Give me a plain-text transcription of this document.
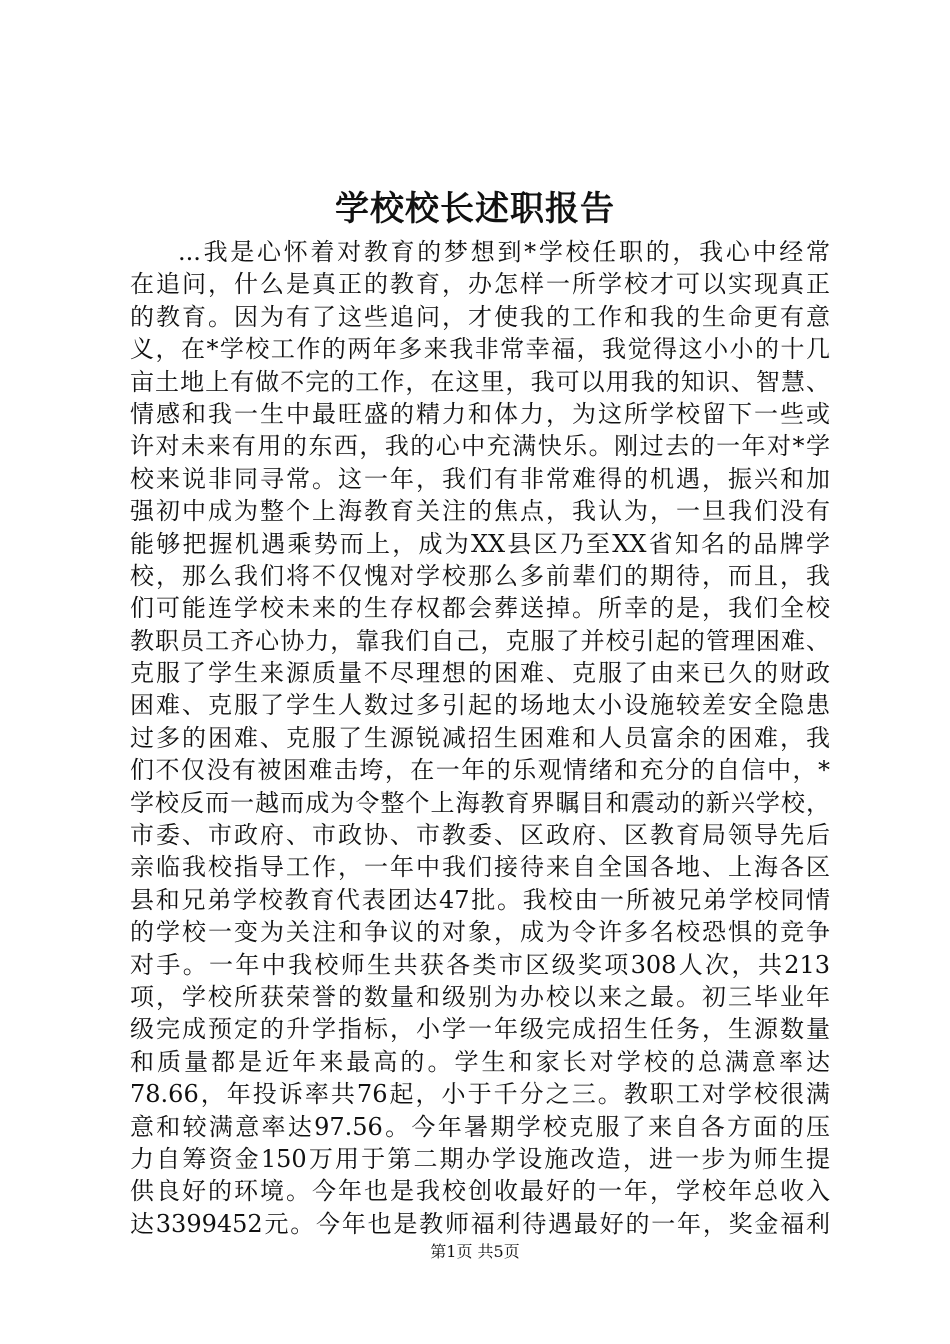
学校校长述职报告
...我是心怀着对教育的梦想到*学校任职的，我心中经常
在追问，什么是真正的教育，办怎样一所学校才可以实现真正
的教育。因为有了这些追问，才使我的工作和我的生命更有意
义，在*学校工作的两年多来我非常幸福，我觉得这小小的十几
亩土地上有做不完的工作，在这里，我可以用我的知识、智慧、
情感和我一生中最旺盛的精力和体力，为这所学校留下一些或
许对未来有用的东西，我的心中充满快乐。刚过去的一年对*学
校来说非同寻常。这一年，我们有非常难得的机遇，振兴和加
强初中成为整个上海教育关注的焦点，我认为，一旦我们没有
能够把握机遇乘势而上，成为XX县区乃至XX省知名的品牌学
校，那么我们将不仅愧对学校那么多前辈们的期待，而且，我
们可能连学校未来的生存权都会葬送掉。所幸的是，我们全校
教职员工齐心协力，靠我们自己，克服了并校引起的管理困难、
克服了学生来源质量不尽理想的困难、克服了由来已久的财政
困难、克服了学生人数过多引起的场地太小设施较差安全隐患
过多的困难、克服了生源锐减招生困难和人员富余的困难，我
们不仅没有被困难击垮，在一年的乐观情绪和充分的自信中，*
学校反而一越而成为令整个上海教育界瞩目和震动的新兴学校，
市委、市政府、市政协、市教委、区政府、区教育局领导先后
亲临我校指导工作，一年中我们接待来自全国各地、上海各区
县和兄弟学校教育代表团达47批。我校由一所被兄弟学校同情
的学校一变为关注和争议的对象，成为令许多名校恐惧的竞争
对手。一年中我校师生共获各类市区级奖项308人次，共213
项，学校所获荣誉的数量和级别为办校以来之最。初三毕业年
级完成预定的升学指标，小学一年级完成招生任务，生源数量
和质量都是近年来最高的。学生和家长对学校的总满意率达
78.66，年投诉率共76起，小于千分之三。教职工对学校很满
意和较满意率达97.56。今年暑期学校克服了来自各方面的压
力自筹资金150万用于第二期办学设施改造，进一步为师生提
供良好的环境。今年也是我校创收最好的一年，学校年总收入
达3399452元。今年也是教师福利待遇最好的一年，奖金福利
第1页 共5页
